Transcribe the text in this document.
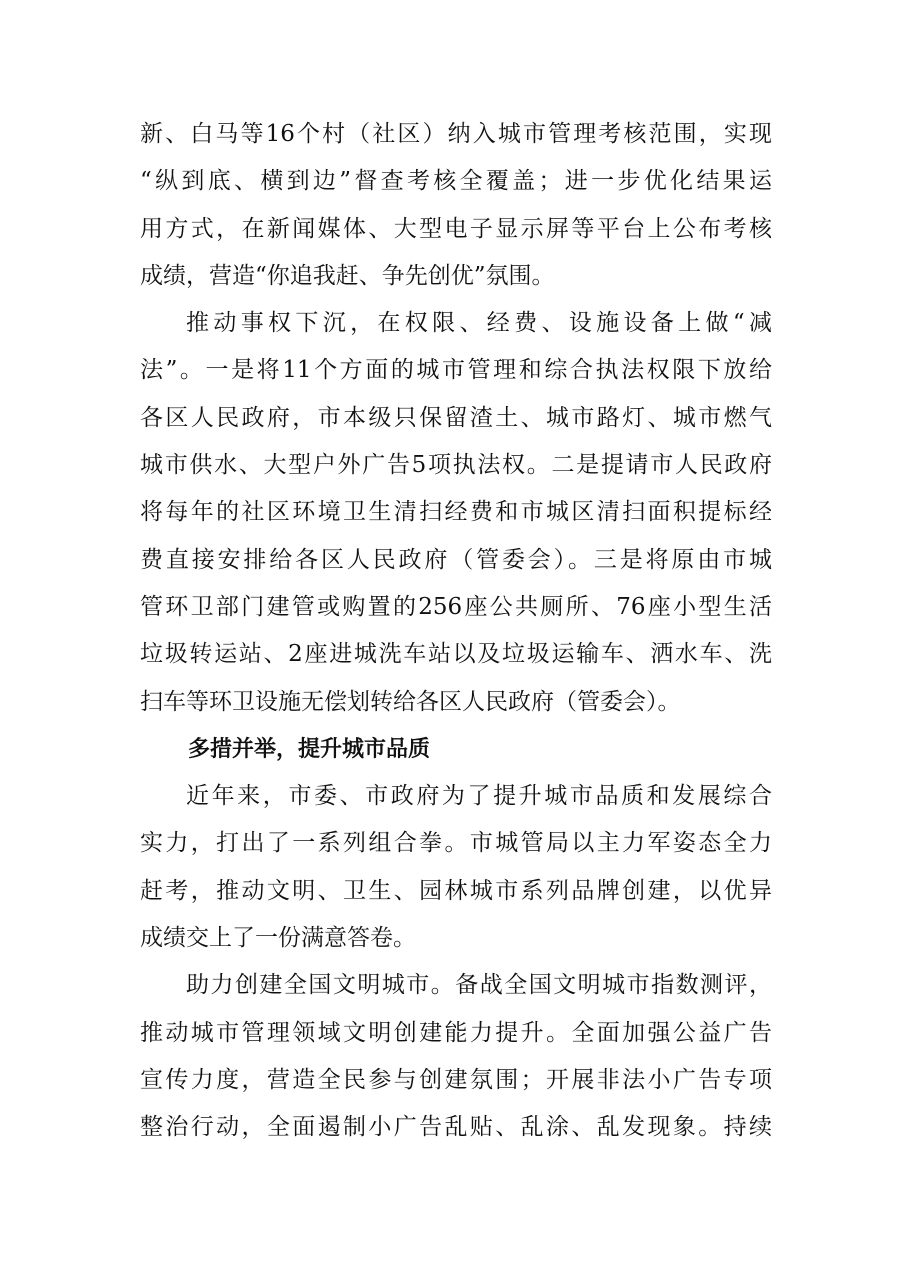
新、白马等16个村（社区）纳入城市管理考核范围，实现
“纵到底、横到边”督查考核全覆盖；进一步优化结果运
用方式，在新闻媒体、大型电子显示屏等平台上公布考核
成绩，营造“你追我赶、争先创优”氛围。
推动事权下沉，在权限、经费、设施设备上做“减
法”。一是将11个方面的城市管理和综合执法权限下放给
各区人民政府，市本级只保留渣土、城市路灯、城市燃气
城市供水、大型户外广告5项执法权。二是提请市人民政府
将每年的社区环境卫生清扫经费和市城区清扫面积提标经
费直接安排给各区人民政府（管委会）。三是将原由市城
管环卫部门建管或购置的256座公共厕所、76座小型生活
垃圾转运站、2座进城洗车站以及垃圾运输车、洒水车、洗
扫车等环卫设施无偿划转给各区人民政府（管委会）。
多措并举，提升城市品质
近年来，市委、市政府为了提升城市品质和发展综合
实力，打出了一系列组合拳。市城管局以主力军姿态全力
赶考，推动文明、卫生、园林城市系列品牌创建，以优异
成绩交上了一份满意答卷。
助力创建全国文明城市。备战全国文明城市指数测评，
推动城市管理领域文明创建能力提升。全面加强公益广告
宣传力度，营造全民参与创建氛围；开展非法小广告专项
整治行动，全面遏制小广告乱贴、乱涂、乱发现象。持续
